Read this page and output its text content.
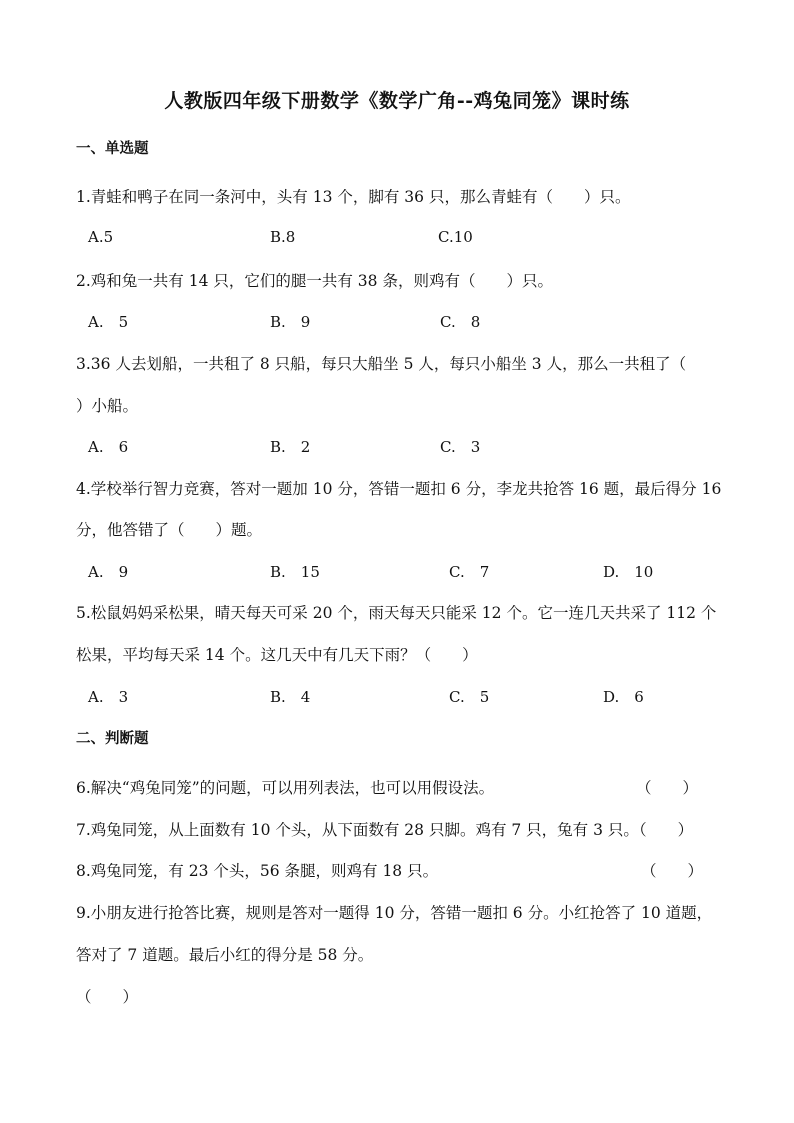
人教版四年级下册数学《数学广角--鸡兔同笼》课时练
一、单选题
1.青蛙和鸭子在同一条河中，头有 13 个，脚有 36 只，那么青蛙有（　　）只。
A.5	B.8	C.10
2.鸡和兔一共有 14 只，它们的腿一共有 38 条，则鸡有（　　）只。
A.　5	B.　9	C.　8
3.36 人去划船，一共租了 8 只船，每只大船坐 5 人，每只小船坐 3 人，那么一共租了（
）小船。
A.　6	B.　2	C.　3
4.学校举行智力竞赛，答对一题加 10 分，答错一题扣 6 分，李龙共抢答 16 题，最后得分 16
分，他答错了（　　）题。
A.　9	B.　15	C.　7	D.　10
5.松鼠妈妈采松果，晴天每天可采 20 个，雨天每天只能采 12 个。它一连几天共采了 112 个
松果，平均每天采 14 个。这几天中有几天下雨？（　　）
A.　3	B.　4	C.　5	D.　6
二、判断题
6.解决“鸡兔同笼”的问题，可以用列表法，也可以用假设法。	（　　）
7.鸡兔同笼，从上面数有 10 个头，从下面数有 28 只脚。鸡有 7 只，兔有 3 只。（　　）
8.鸡兔同笼，有 23 个头，56 条腿，则鸡有 18 只。	（　　）
9.小朋友进行抢答比赛，规则是答对一题得 10 分，答错一题扣 6 分。小红抢答了 10 道题，
答对了 7 道题。最后小红的得分是 58 分。
（　　）
